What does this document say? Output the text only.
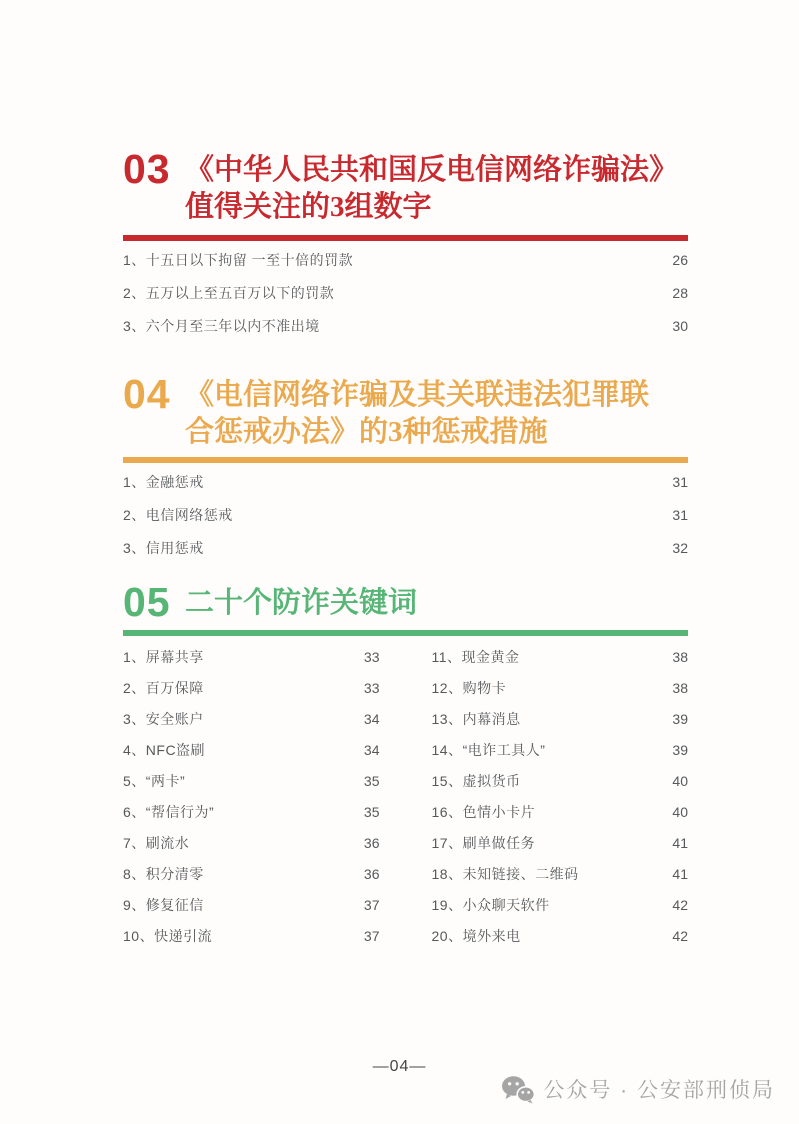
03 《中华人民共和国反电信网络诈骗法》
值得关注的3组数字
1、十五日以下拘留 一至十倍的罚款	26
2、五万以上至五百万以下的罚款	28
3、六个月至三年以内不准出境	30
04 《电信网络诈骗及其关联违法犯罪联
合惩戒办法》的3种惩戒措施
1、金融惩戒	31
2、电信网络惩戒	31
3、信用惩戒	32
05 二十个防诈关键词
1、屏幕共享	33
2、百万保障	33
3、安全账户	34
4、NFC盗刷	34
5、“两卡”	35
6、“帮信行为”	35
7、刷流水	36
8、积分清零	36
9、修复征信	37
10、快递引流	37
11、现金黄金	38
12、购物卡	38
13、内幕消息	39
14、“电诈工具人”	39
15、虚拟货币	40
16、色情小卡片	40
17、刷单做任务	41
18、未知链接、二维码	41
19、小众聊天软件	42
20、境外来电	42
—04—
公众号 · 公安部刑侦局
